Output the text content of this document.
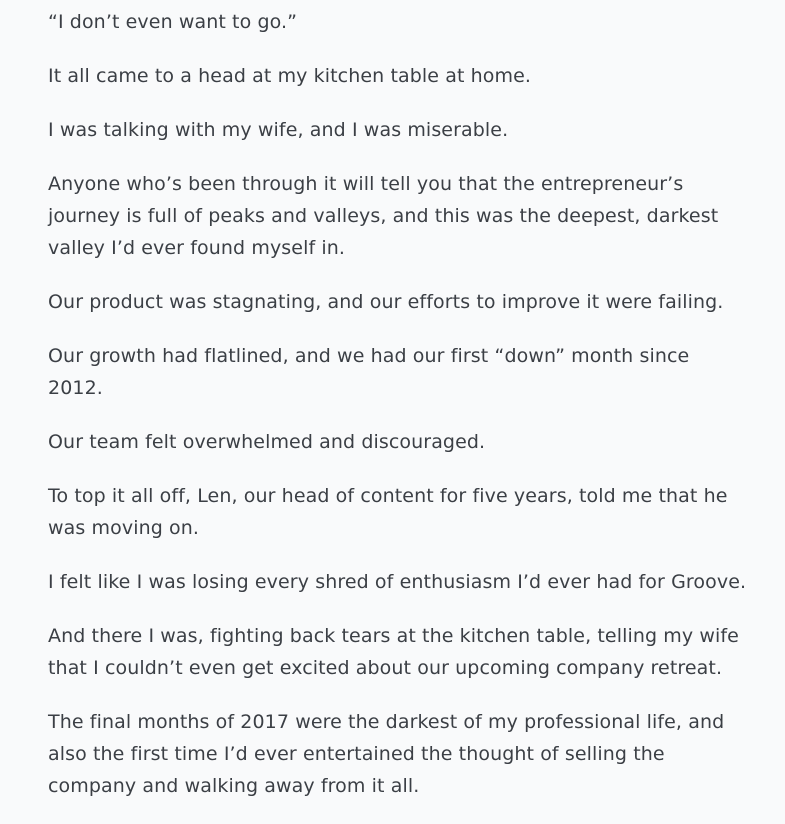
“I don’t even want to go.”

It all came to a head at my kitchen table at home.

I was talking with my wife, and I was miserable.

Anyone who’s been through it will tell you that the entrepreneur’s journey is full of peaks and valleys, and this was the deepest, darkest valley I’d ever found myself in.

Our product was stagnating, and our efforts to improve it were failing.

Our growth had flatlined, and we had our first “down” month since 2012.

Our team felt overwhelmed and discouraged.

To top it all off, Len, our head of content for five years, told me that he was moving on.

I felt like I was losing every shred of enthusiasm I’d ever had for Groove.

And there I was, fighting back tears at the kitchen table, telling my wife that I couldn’t even get excited about our upcoming company retreat.

The final months of 2017 were the darkest of my professional life, and also the first time I’d ever entertained the thought of selling the company and walking away from it all.
